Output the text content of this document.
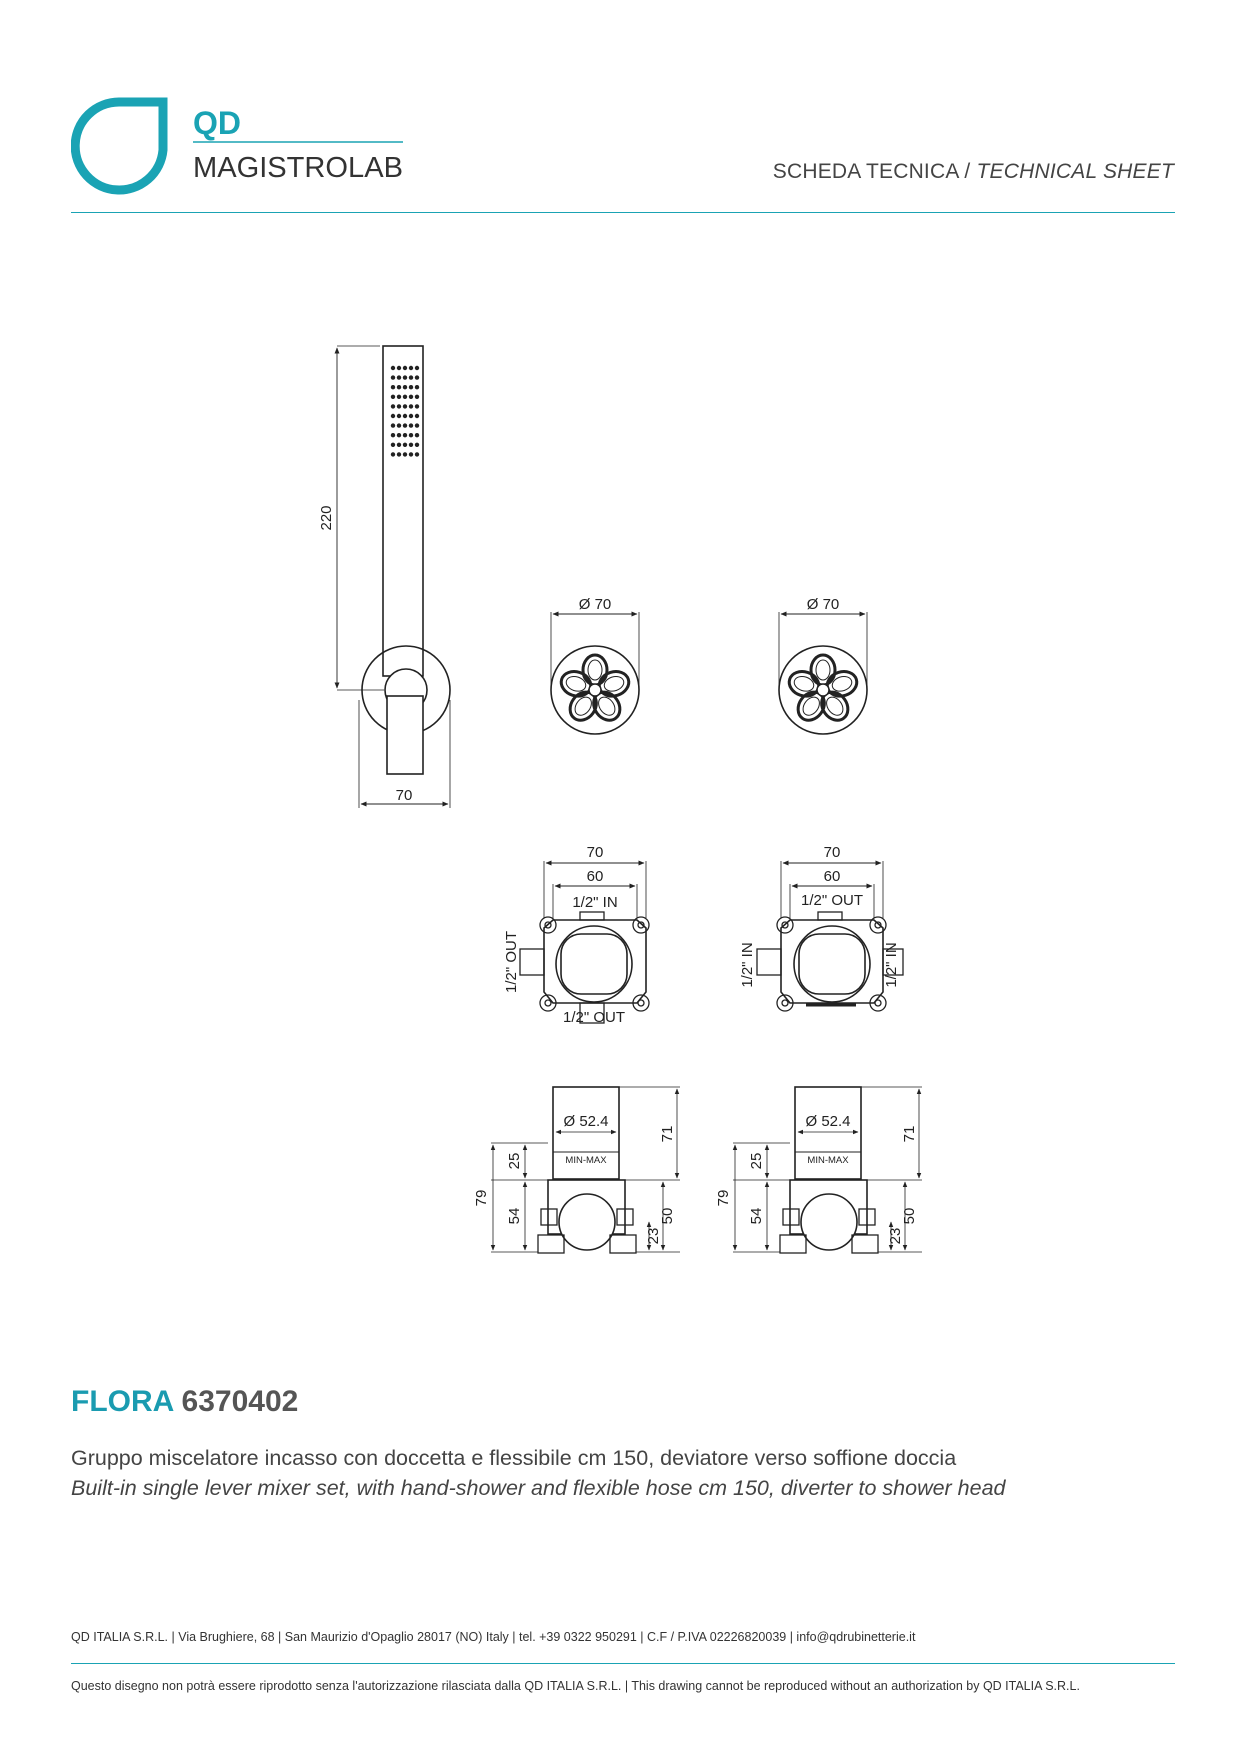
QD
MAGISTROLAB	SCHEDA TECNICA / TECHNICAL SHEET
220
70
Ø 70	Ø 70
70
60
1/2" IN
1/2" OUT
1/2" OUT
70
60
1/2" OUT
1/2" IN	1/2" IN
Ø 52.4
MIN-MAX
71
25
79
54	50
23
Ø 52.4
MIN-MAX
71
25
79
54	50
23
FLORA 6370402
Gruppo miscelatore incasso con doccetta e flessibile cm 150, deviatore verso soffione doccia
Built-in single lever mixer set, with hand-shower and flexible hose cm 150, diverter to shower head
QD ITALIA S.R.L. | Via Brughiere, 68 | San Maurizio d'Opaglio 28017 (NO) Italy | tel. +39 0322 950291 | C.F / P.IVA 02226820039 | info@qdrubinetterie.it
Questo disegno non potrà essere riprodotto senza l'autorizzazione rilasciata dalla QD ITALIA S.R.L. | This drawing cannot be reproduced without an authorization by QD ITALIA S.R.L.
